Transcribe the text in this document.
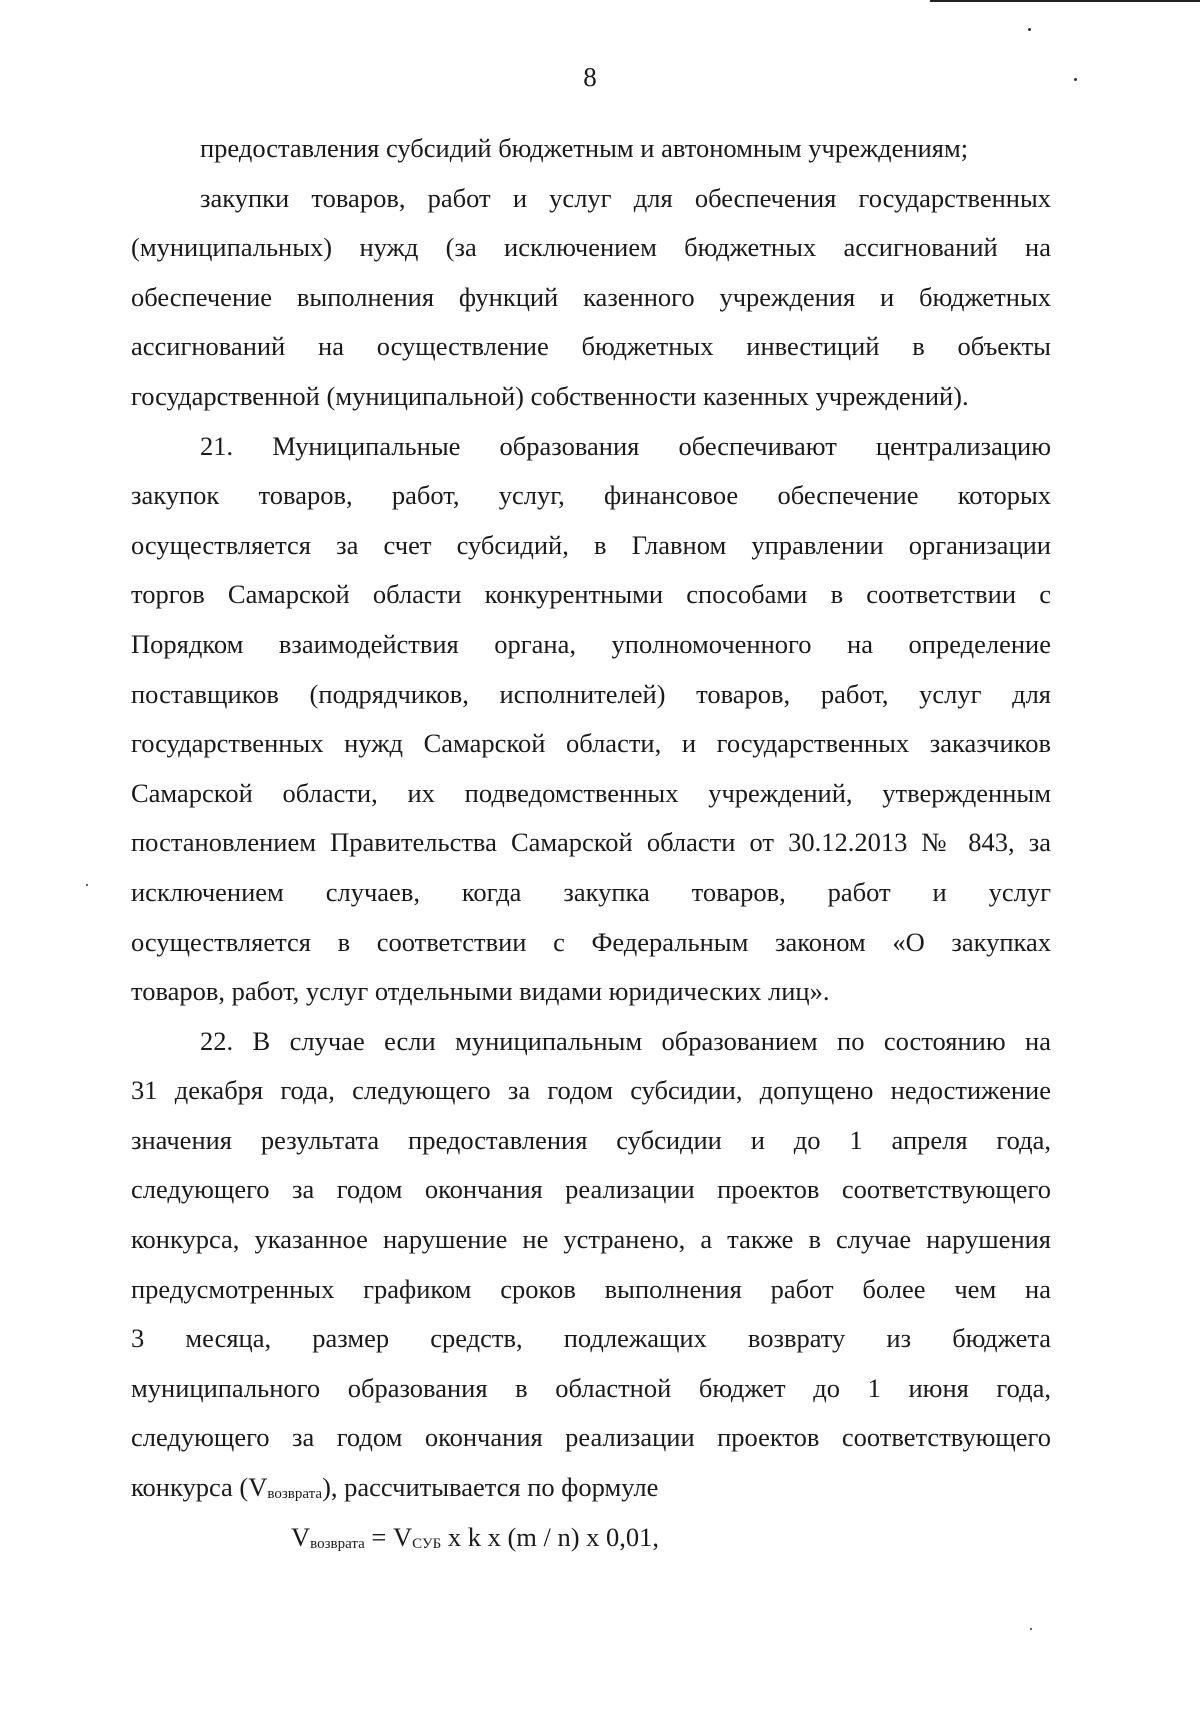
8
предоставления субсидий бюджетным и автономным учреждениям;
закупки товаров, работ и услуг для обеспечения государственных
(муниципальных) нужд (за исключением бюджетных ассигнований на
обеспечение выполнения функций казенного учреждения и бюджетных
ассигнований на осуществление бюджетных инвестиций в объекты
государственной (муниципальной) собственности казенных учреждений).
21. Муниципальные образования обеспечивают централизацию
закупок товаров, работ, услуг, финансовое обеспечение которых
осуществляется за счет субсидий, в Главном управлении организации
торгов Самарской области конкурентными способами в соответствии с
Порядком взаимодействия органа, уполномоченного на определение
поставщиков (подрядчиков, исполнителей) товаров, работ, услуг для
государственных нужд Самарской области, и государственных заказчиков
Самарской области, их подведомственных учреждений, утвержденным
постановлением Правительства Самарской области от 30.12.2013 № 843, за
исключением случаев, когда закупка товаров, работ и услуг
осуществляется в соответствии с Федеральным законом «О закупках
товаров, работ, услуг отдельными видами юридических лиц».
22. В случае если муниципальным образованием по состоянию на
31 декабря года, следующего за годом субсидии, допущено недостижение
значения результата предоставления субсидии и до 1 апреля года,
следующего за годом окончания реализации проектов соответствующего
конкурса, указанное нарушение не устранено, а также в случае нарушения
предусмотренных графиком сроков выполнения работ более чем на
3 месяца, размер средств, подлежащих возврату из бюджета
муниципального образования в областной бюджет до 1 июня года,
следующего за годом окончания реализации проектов соответствующего
конкурса (Vвозврата), рассчитывается по формуле
Vвозврата = VСУБ x k x (m / n) x 0,01,
